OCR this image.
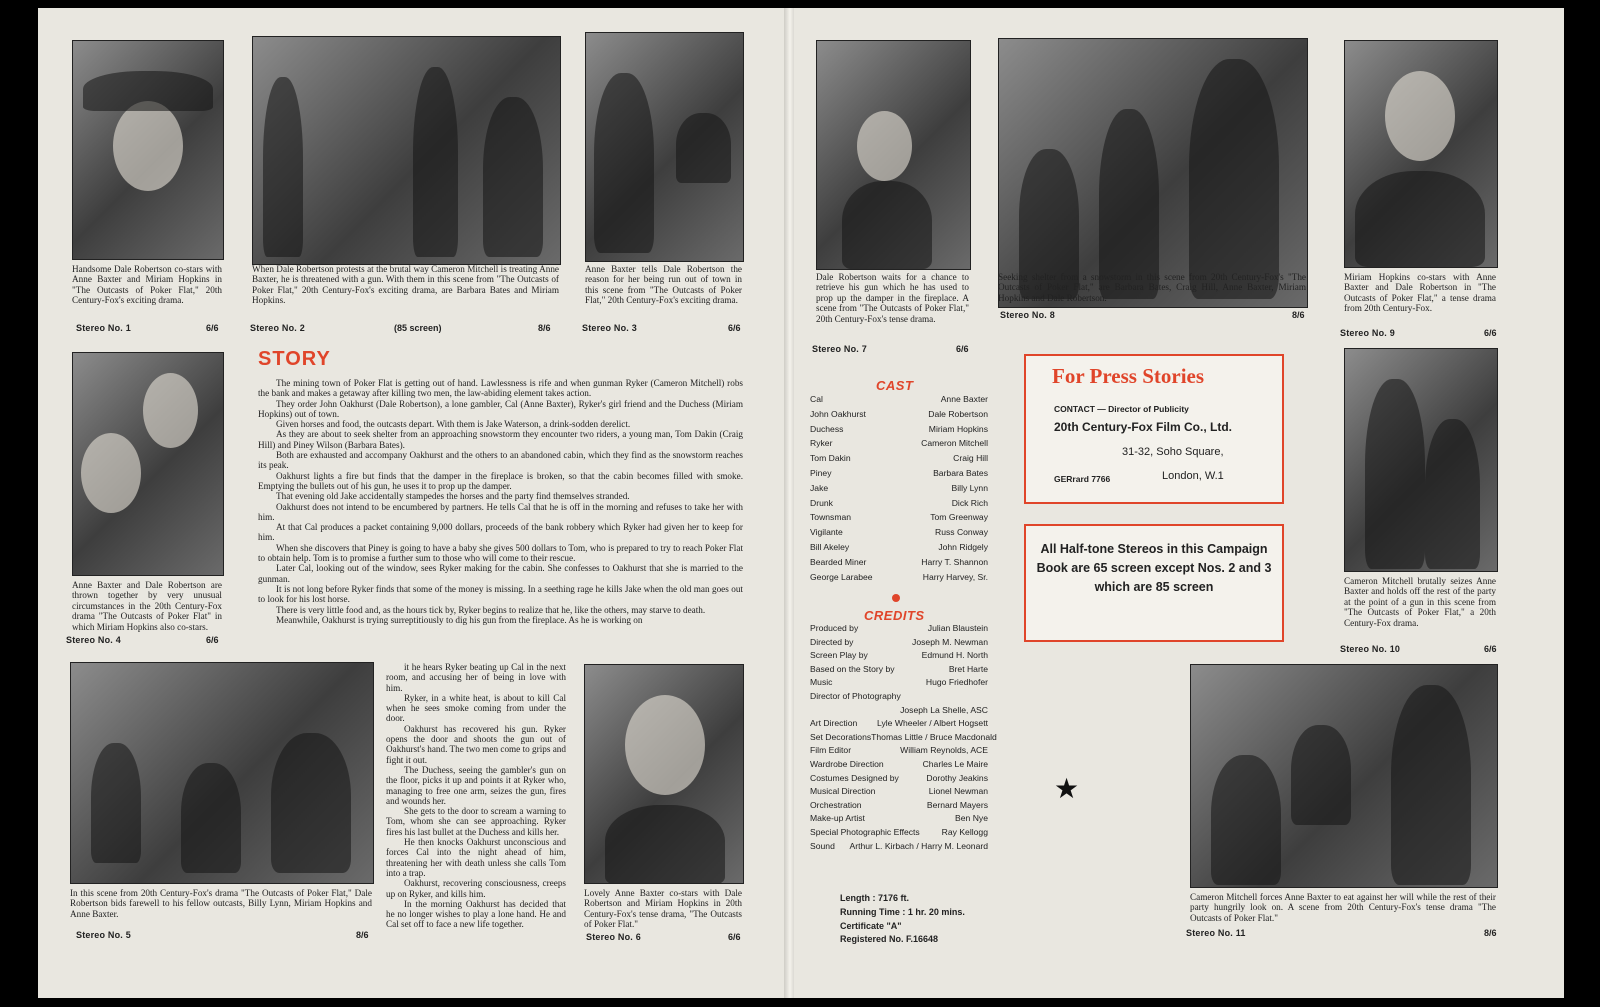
Handsome Dale Robertson co-stars with Anne Baxter and Miriam Hopkins in "The Outcasts of Poker Flat," 20th Century-Fox's exciting drama.
When Dale Robertson protests at the brutal way Cameron Mitchell is treating Anne Baxter, he is threatened with a gun. With them in this scene from "The Outcasts of Poker Flat," 20th Century-Fox's exciting drama, are Barbara Bates and Miriam Hopkins.
Anne Baxter tells Dale Robertson the reason for her being run out of town in this scene from "The Outcasts of Poker Flat," 20th Century-Fox's exciting drama.
Stereo No. 1	6/6	Stereo No. 2	(85 screen)	8/6	Stereo No. 3	6/6
Anne Baxter and Dale Robertson are thrown together by very unusual circumstances in the 20th Century-Fox drama "The Outcasts of Poker Flat" in which Miriam Hopkins also co-stars.
Stereo No. 4	6/6
STORY

The mining town of Poker Flat is getting out of hand. Lawlessness is rife and when gunman Ryker (Cameron Mitchell) robs the bank and makes a getaway after killing two men, the law-abiding element takes action.

They order John Oakhurst (Dale Robertson), a lone gambler, Cal (Anne Baxter), Ryker's girl friend and the Duchess (Miriam Hopkins) out of town.

Given horses and food, the outcasts depart. With them is Jake Waterson, a drink-sodden derelict.

As they are about to seek shelter from an approaching snowstorm they encounter two riders, a young man, Tom Dakin (Craig Hill) and Piney Wilson (Barbara Bates).

Both are exhausted and accompany Oakhurst and the others to an abandoned cabin, which they find as the snowstorm reaches its peak.

Oakhurst lights a fire but finds that the damper in the fireplace is broken, so that the cabin becomes filled with smoke. Emptying the bullets out of his gun, he uses it to prop up the damper.

That evening old Jake accidentally stampedes the horses and the party find themselves stranded.

Oakhurst does not intend to be encumbered by partners. He tells Cal that he is off in the morning and refuses to take her with him.

At that Cal produces a packet containing 9,000 dollars, proceeds of the bank robbery which Ryker had given her to keep for him.

When she discovers that Piney is going to have a baby she gives 500 dollars to Tom, who is prepared to try to reach Poker Flat to obtain help. Tom is to promise a further sum to those who will come to their rescue.

Later Cal, looking out of the window, sees Ryker making for the cabin. She confesses to Oakhurst that she is married to the gunman.

It is not long before Ryker finds that some of the money is missing. In a seething rage he kills Jake when the old man goes out to look for his lost horse.

There is very little food and, as the hours tick by, Ryker begins to realize that he, like the others, may starve to death.

Meanwhile, Oakhurst is trying surreptitiously to dig his gun from the fireplace. As he is working on

it he hears Ryker beating up Cal in the next room, and accusing her of being in love with him.

Ryker, in a white heat, is about to kill Cal when he sees smoke coming from under the door.

Oakhurst has recovered his gun. Ryker opens the door and shoots the gun out of Oakhurst's hand. The two men come to grips and fight it out.

The Duchess, seeing the gambler's gun on the floor, picks it up and points it at Ryker who, managing to free one arm, seizes the gun, fires and wounds her.

She gets to the door to scream a warning to Tom, whom she can see approaching. Ryker fires his last bullet at the Duchess and kills her.

He then knocks Oakhurst unconscious and forces Cal into the night ahead of him, threatening her with death unless she calls Tom into a trap.

Oakhurst, recovering consciousness, creeps up on Ryker, and kills him.

In the morning Oakhurst has decided that he no longer wishes to play a lone hand. He and Cal set off to face a new life together.

In this scene from 20th Century-Fox's drama "The Outcasts of Poker Flat," Dale Robertson bids farewell to his fellow outcasts, Billy Lynn, Miriam Hopkins and Anne Baxter.
Stereo No. 5	8/6
Lovely Anne Baxter co-stars with Dale Robertson and Miriam Hopkins in 20th Century-Fox's tense drama, "The Outcasts of Poker Flat."
Stereo No. 6	6/6
Dale Robertson waits for a chance to retrieve his gun which he has used to prop up the damper in the fireplace. A scene from "The Outcasts of Poker Flat," 20th Century-Fox's tense drama.
Seeking shelter from a snowstorm in this scene from 20th Century-Fox's "The Outcasts of Poker Flat," are Barbara Bates, Craig Hill, Anne Baxter, Miriam Hopkins and Dale Robertson.
Miriam Hopkins co-stars with Anne Baxter and Dale Robertson in "The Outcasts of Poker Flat," a tense drama from 20th Century-Fox.
Stereo No. 7	6/6
Stereo No. 8	8/6
Stereo No. 9	6/6
CAST
Cal	Anne Baxter
John Oakhurst	Dale Robertson
Duchess	Miriam Hopkins
Ryker	Cameron Mitchell
Tom Dakin	Craig Hill
Piney	Barbara Bates
Jake	Billy Lynn
Drunk	Dick Rich
Townsman	Tom Greenway
Vigilante	Russ Conway
Bill Akeley	John Ridgely
Bearded Miner	Harry T. Shannon
George Larabee	Harry Harvey, Sr.
CREDITS
Produced by	Julian Blaustein
Directed by	Joseph M. Newman
Screen Play by	Edmund H. North
Based on the Story by	Bret Harte
Music	Hugo Friedhofer
Director of Photography
Joseph La Shelle, ASC
Art Direction Lyle Wheeler / Albert Hogsett
Set Decorations Thomas Little / Bruce Macdonald
Film Editor	William Reynolds, ACE
Wardrobe Direction	Charles Le Maire
Costumes Designed by	Dorothy Jeakins
Musical Direction	Lionel Newman
Orchestration	Bernard Mayers
Make-up Artist	Ben Nye
Special Photographic Effects	Ray Kellogg
Sound Arthur L. Kirbach / Harry M. Leonard
Length : 7176 ft.
Running Time : 1 hr. 20 mins.
Certificate "A"
Registered No. F.16648
For Press Stories
CONTACT — Director of Publicity
20th Century-Fox Film Co., Ltd.
31-32, Soho Square,
London, W.1
GERrard 7766
All Half-tone Stereos in this Campaign Book are 65 screen except Nos. 2 and 3 which are 85 screen
★
Cameron Mitchell brutally seizes Anne Baxter and holds off the rest of the party at the point of a gun in this scene from "The Outcasts of Poker Flat," a 20th Century-Fox drama.
Stereo No. 10	6/6
Cameron Mitchell forces Anne Baxter to eat against her will while the rest of their party hungrily look on. A scene from 20th Century-Fox's tense drama "The Outcasts of Poker Flat."
Stereo No. 11	8/6
